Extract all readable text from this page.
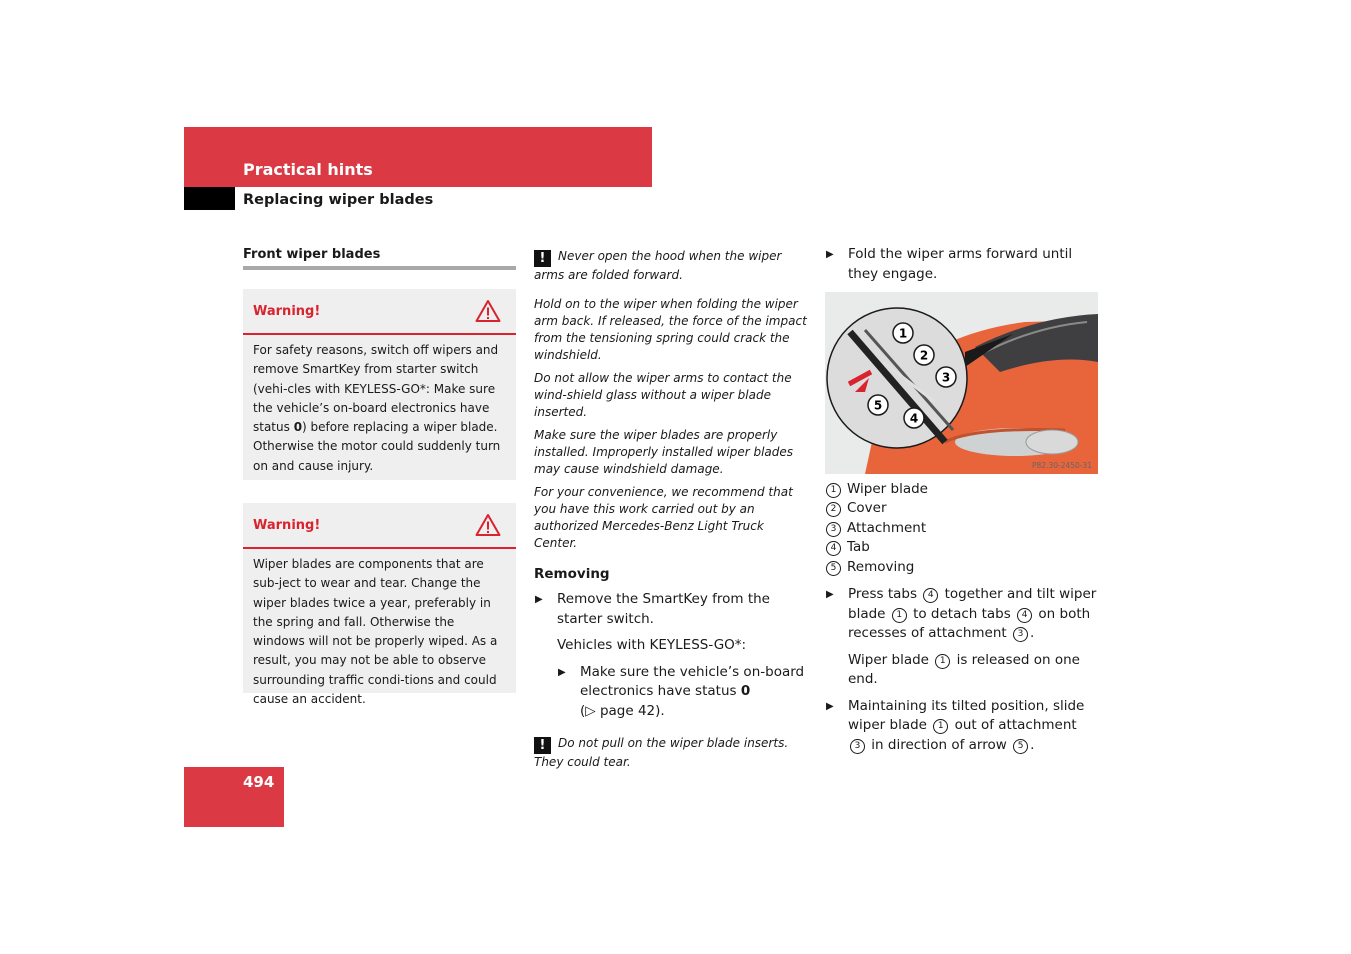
Practical hints
Replacing wiper blades
Front wiper blades
Warning!
For safety reasons, switch off wipers and remove SmartKey from starter switch (vehi-cles with KEYLESS-GO*: Make sure the vehicle’s on-board electronics have status 0) before replacing a wiper blade. Otherwise the motor could suddenly turn on and cause injury.
Warning!
Wiper blades are components that are sub-ject to wear and tear. Change the wiper blades twice a year, preferably in the spring and fall. Otherwise the windows will not be properly wiped. As a result, you may not be able to observe surrounding traffic condi-tions and could cause an accident.

! Never open the hood when the wiper arms are folded forward.

Hold on to the wiper when folding the wiper arm back. If released, the force of the impact from the tensioning spring could crack the windshield.

Do not allow the wiper arms to contact the wind-shield glass without a wiper blade inserted.

Make sure the wiper blades are properly installed. Improperly installed wiper blades may cause windshield damage.

For your convenience, we recommend that you have this work carried out by an authorized Mercedes-Benz Light Truck Center.

Removing
▶ Remove the SmartKey from the starter switch.
Vehicles with KEYLESS-GO*:
▶ Make sure the vehicle’s on-board electronics have status 0
(▷ page 42).

! Do not pull on the wiper blade inserts. They could tear.

▶ Fold the wiper arms forward until they engage.
1
2
3
4
5
P82.30-2450-31
1 Wiper blade
2 Cover
3 Attachment
4 Tab
5 Removing
▶ Press tabs 4 together and tilt wiper blade 1 to detach tabs 4 on both recesses of attachment 3 .
Wiper blade 1 is released on one end.
▶ Maintaining its tilted position, slide wiper blade 1 out of attachment 3 in direction of arrow 5 .
494
